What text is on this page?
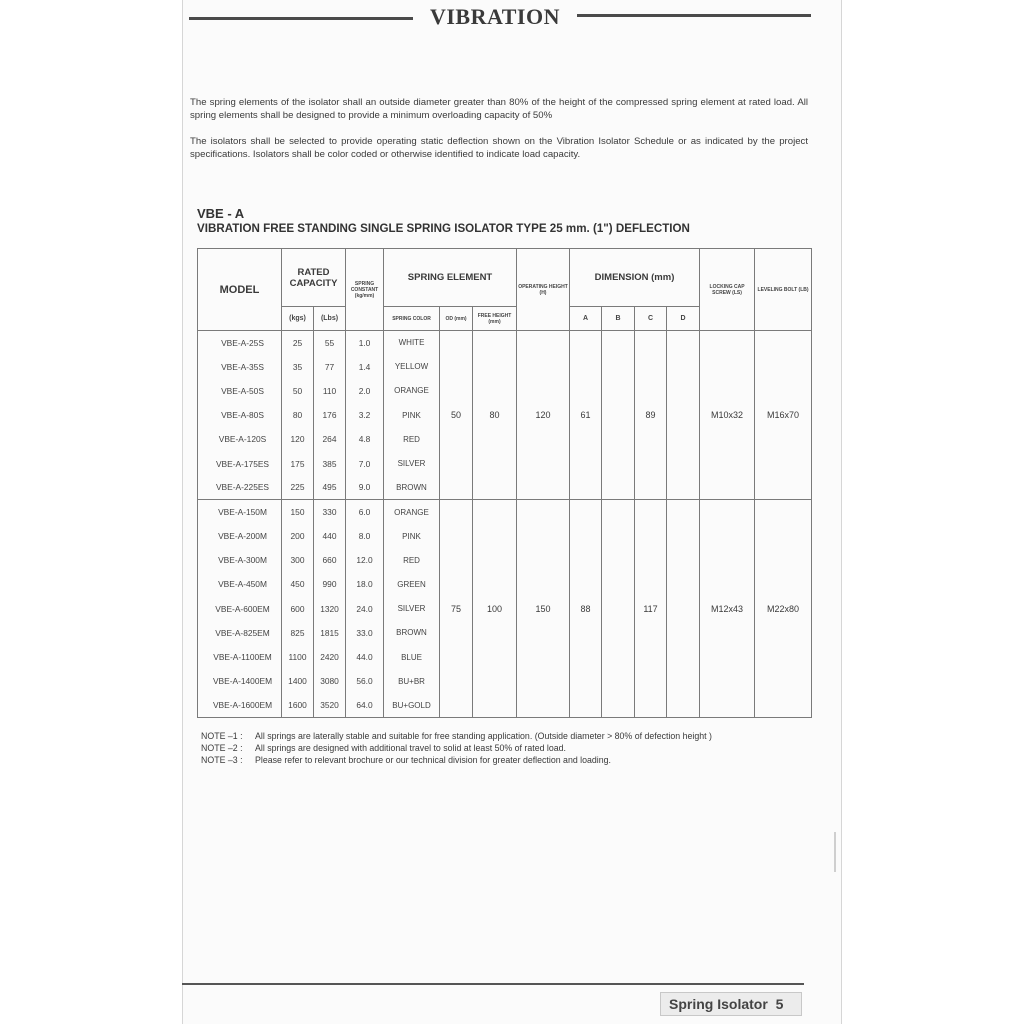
VIBRATION

The spring elements of the isolator shall an outside diameter greater than 80% of the height of the compressed spring element at rated load. All spring elements shall be designed to provide a minimum overloading capacity of 50%

The isolators shall be selected to provide operating static deflection shown on the Vibration Isolator Schedule or as indicated by the project specifications. Isolators shall be color coded or otherwise identified to indicate load capacity.

VBE - A
VIBRATION FREE STANDING SINGLE SPRING ISOLATOR TYPE 25 mm. (1") DEFLECTION
MODEL	RATED CAPACITY		SPRING CONSTANT (kg/mm)	SPRING ELEMENT			OPERATING HEIGHT (H)	DIMENSION (mm)				LOCKING CAP SCREW (LS)	LEVELING BOLT (LB)
	(kgs)	(Lbs)		SPRING COLOR	OD (mm)	FREE HEIGHT (mm)		A	B	C	D		
VBE-A-25S	25	55	1.0	WHITE	50	80	120	61		89		M10x32	M16x70
VBE-A-35S	35	77	1.4	YELLOW									
VBE-A-50S	50	110	2.0	ORANGE									
VBE-A-80S	80	176	3.2	PINK									
VBE-A-120S	120	264	4.8	RED									
VBE-A-175ES	175	385	7.0	SILVER									
VBE-A-225ES	225	495	9.0	BROWN									
VBE-A-150M	150	330	6.0	ORANGE	75	100	150	88		117		M12x43	M22x80
VBE-A-200M	200	440	8.0	PINK									
VBE-A-300M	300	660	12.0	RED									
VBE-A-450M	450	990	18.0	GREEN									
VBE-A-600EM	600	1320	24.0	SILVER									
VBE-A-825EM	825	1815	33.0	BROWN									
VBE-A-1100EM	1100	2420	44.0	BLUE									
VBE-A-1400EM	1400	3080	56.0	BU+BR									
VBE-A-1600EM	1600	3520	64.0	BU+GOLD									
NOTE –1 : All springs are laterally stable and suitable for free standing application. (Outside diameter > 80% of defection height )
NOTE –2 : All springs are designed with additional travel to solid at least 50% of rated load.
NOTE –3 : Please refer to relevant brochure or our technical division for greater deflection and loading.
Spring Isolator 5
